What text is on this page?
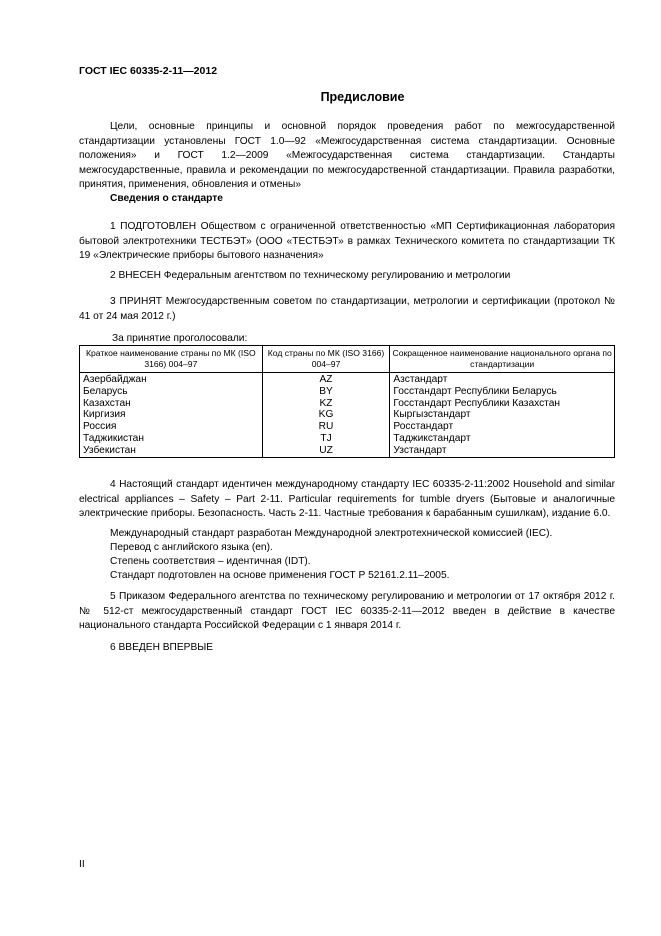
ГОСТ IEC 60335-2-11—2012
Предисловие

Цели, основные принципы и основной порядок проведения работ по межгосударственной стандартизации установлены ГОСТ 1.0—92 «Межгосударственная система стандартизации. Основные положения» и ГОСТ 1.2—2009 «Межгосударственная система стандартизации. Стандарты межгосударственные, правила и рекомендации по межгосударственной стандартизации. Правила разработки, принятия, применения, обновления и отмены»

Сведения о стандарте

1 ПОДГОТОВЛЕН Обществом с ограниченной ответственностью «МП Сертификационная лаборатория бытовой электротехники ТЕСТБЭТ» (ООО «ТЕСТБЭТ» в рамках Технического комитета по стандартизации ТК 19 «Электрические приборы бытового назначения»

2 ВНЕСЕН Федеральным агентством по техническому регулированию и метрологии

3 ПРИНЯТ Межгосударственным советом по стандартизации, метрологии и сертификации (протокол № 41 от 24 мая 2012 г.)

За принятие проголосовали:
Краткое наименование страны по МК (ISO 3166) 004–97	Код страны по МК (ISO 3166) 004–97	Сокращенное наименование национального органа по стандартизации
Азербайджан	AZ	Азстандарт
Беларусь	BY	Госстандарт Республики Беларусь
Казахстан	KZ	Госстандарт Республики Казахстан
Киргизия	KG	Кыргызстандарт
Россия	RU	Росстандарт
Таджикистан	TJ	Таджикстандарт
Узбекистан	UZ	Узстандарт

4 Настоящий стандарт идентичен международному стандарту IEC 60335-2-11:2002 Household and similar electrical appliances – Safety – Part 2-11. Particular requirements for tumble dryers (Бытовые и аналогичные электрические приборы. Безопасность. Часть 2-11. Частные требования к барабанным сушилкам), издание 6.0.

Международный стандарт разработан Международной электротехнической комиссией (IEC).
Перевод с английского языка (en).
Степень соответствия – идентичная (IDT).
Стандарт подготовлен на основе применения ГОСТ Р 52161.2.11–2005.

5 Приказом Федерального агентства по техническому регулированию и метрологии от 17 октября 2012 г. № 512-ст межгосударственный стандарт ГОСТ IEC 60335-2-11—2012 введен в действие в качестве национального стандарта Российской Федерации с 1 января 2014 г.

6 ВВЕДЕН ВПЕРВЫЕ
II
